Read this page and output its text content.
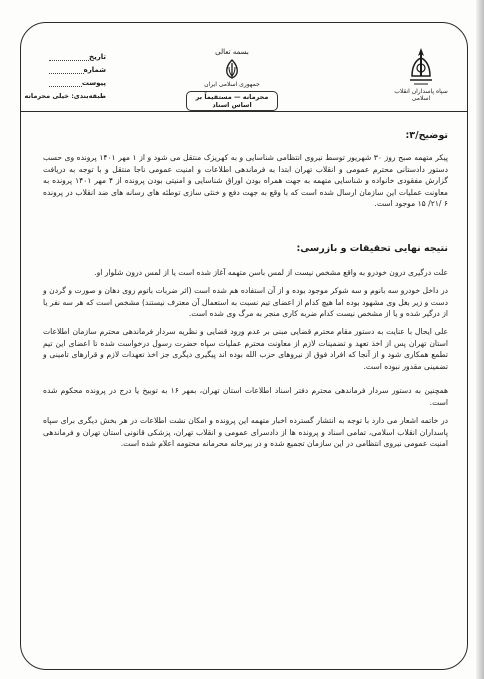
سپاه پاسداران انقلاب اسلامی
بسمه تعالی
جمهوری اسلامی ایران
محرمانه — مستقیماً بر اساس اسناد
تاریخ
شماره
پیوست
طبقه‌بندی: خیلی محرمانه
توضیح/۳:
پیکر متهمه صبح روز ۳۰ شهریور توسط نیروی انتظامی شناسایی و به کهریزک منتقل می شود و از ۱ مهر ۱۴۰۱ پرونده وی حسب دستور دادستانی محترم عمومی و انقلاب تهران ابتدا به فرماندهی اطلاعات و امنیت عمومی ناجا منتقل و با توجه به دریافت گزارش مفقودی خانواده و شناسایی متهمه به جهت همراه بودن اوراق شناسایی و امنیتی بودن پرونده از ۴ مهر ۱۴۰۱ پرونده به معاونت عملیات این سازمان ارسال شده است که با وقع به جهت دفع و خنثی سازی توطئه های رسانه های ضد انقلاب در پرونده ۶ /۲۱/ ۱۵ موجود است.
نتیجه نهایی تحقیقات و بازرسی:
علت درگیری درون خودرو به واقع مشخص نیست از لمس باسن متهمه آغاز شده است یا از لمس درون شلوار او.
در داخل خودرو سه بانوم و سه شوکر موجود بوده و از آن استفاده هم شده است (اثر ضربات باتوم روی دهان و صورت و گردن و دست و زیر بغل وی مشهود بوده اما هیچ کدام از اعضای تیم نسبت به استعمال آن معترف نیستند) مشخص است که هر سه نفر یا از درگیر شده و یا از مشخص نیست کدام ضربه کاری منجر به مرگ وی شده است.
علی ایحال با عنایت به دستور مقام محترم قضایی مبنی بر عدم ورود قضایی و نظریه سردار فرماندهی محترم سازمان اطلاعات استان تهران پس از اخذ تعهد و تضمینات لازم از معاونت محترم عملیات سپاه حضرت رسول درخواست شده تا اعضای این تیم تطمع همکاری شود و از آنجا که افراد فوق از نیروهای حزب الله بوده اند پیگیری دیگری جز اخذ تعهدات لازم و قرارهای تامینی و تضمینی مقدور نبوده است.
همچنین به دستور سردار فرماندهی محترم دفتر اسناد اطلاعات استان تهران، بمهر ۱۶ به توبیخ یا درج در پرونده محکوم شده است.
در خاتمه اشعار می دارد با توجه به انتشار گسترده اخبار متهمه این پرونده و امکان نشت اطلاعات در هر بخش دیگری برای سپاه پاسداران انقلاب اسلامی، تمامی اسناد و پرونده ها از دادسرای عمومی و انقلاب تهران، پزشکی قانونی استان تهران و فرماندهی امنیت عمومی نیروی انتظامی در این سازمان تجمیع شده و در بیرخانه محرمانه محتومه اعلام شده است.
